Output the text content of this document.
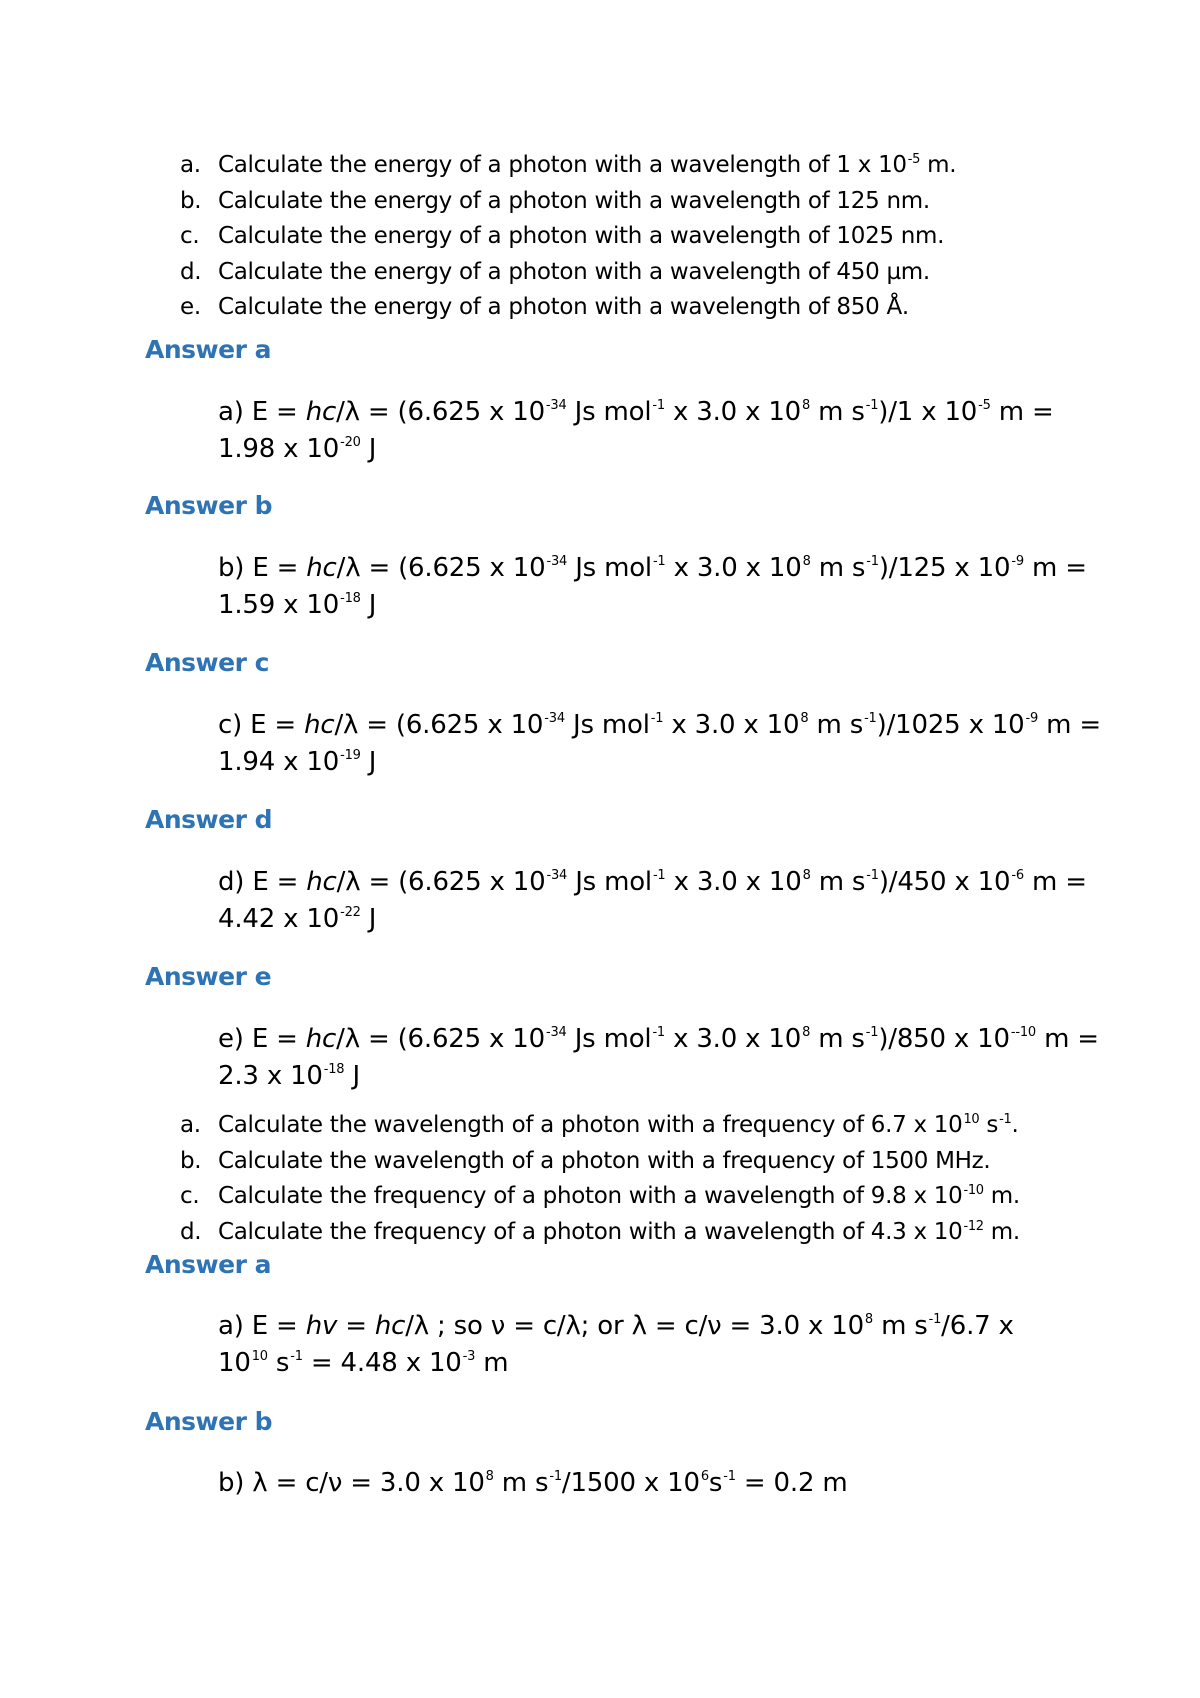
a. Calculate the energy of a photon with a wavelength of 1 x $10^{-5}$ m.
b. Calculate the energy of a photon with a wavelength of 125 nm.
c. Calculate the energy of a photon with a wavelength of 1025 nm.
d. Calculate the energy of a photon with a wavelength of 450 µm.
e. Calculate the energy of a photon with a wavelength of 850 Å.
Answer a
a) E = hc/λ = (6.625 x $10^{-34}$ Js mol$^{-1}$ x 3.0 x $10^8$ m $s^{-1})/1$ x $10^{-5}$ m =
1.98 x $10^{-20}$ J
Answer b
b) E = hc/λ = (6.625 x $10^{-34}$ Js mol$^{-1}$ x 3.0 x $10^8$ m $s^{-1})/125$ x $10^{-9}$ m =
1.59 x $10^{-18}$ J
Answer c
c) E = hc/λ = (6.625 x $10^{-34}$ Js mol$^{-1}$ x 3.0 x $10^8$ m $s^{-1})/1025$ x $10^{-9}$ m =
1.94 x $10^{-19}$ J
Answer d
d) E = hc/λ = (6.625 x $10^{-34}$ Js mol$^{-1}$ x 3.0 x $10^8$ m $s^{-1})/450$ x $10^{-6}$ m =
4.42 x $10^{-22}$ J
Answer e
e) E = hc/λ = (6.625 x $10^{-34}$ Js mol$^{-1}$ x 3.0 x $10^8$ m $s^{-1})/850$ x $10^{--10}$ m =
2.3 x $10^{-18}$ J
a. Calculate the wavelength of a photon with a frequency of 6.7 x $10^{10}$ $s^{-1}$.
b. Calculate the wavelength of a photon with a frequency of 1500 MHz.
c. Calculate the frequency of a photon with a wavelength of 9.8 x $10^{-10}$ m.
d. Calculate the frequency of a photon with a wavelength of 4.3 x $10^{-12}$ m.
Answer a
a) E = hv = hc/λ ; so ν = c/λ; or λ = c/ν = 3.0 x $10^8$ m $s^{-1}/6.7$ x
$10^{10}$ $s^{-1} = 4.48$ x $10^{-3}$ m
Answer b
b) λ = c/ν = 3.0 x $10^8$ m $s^{-1}/1500$ x $10^6s^{-1} = 0.2$ m
